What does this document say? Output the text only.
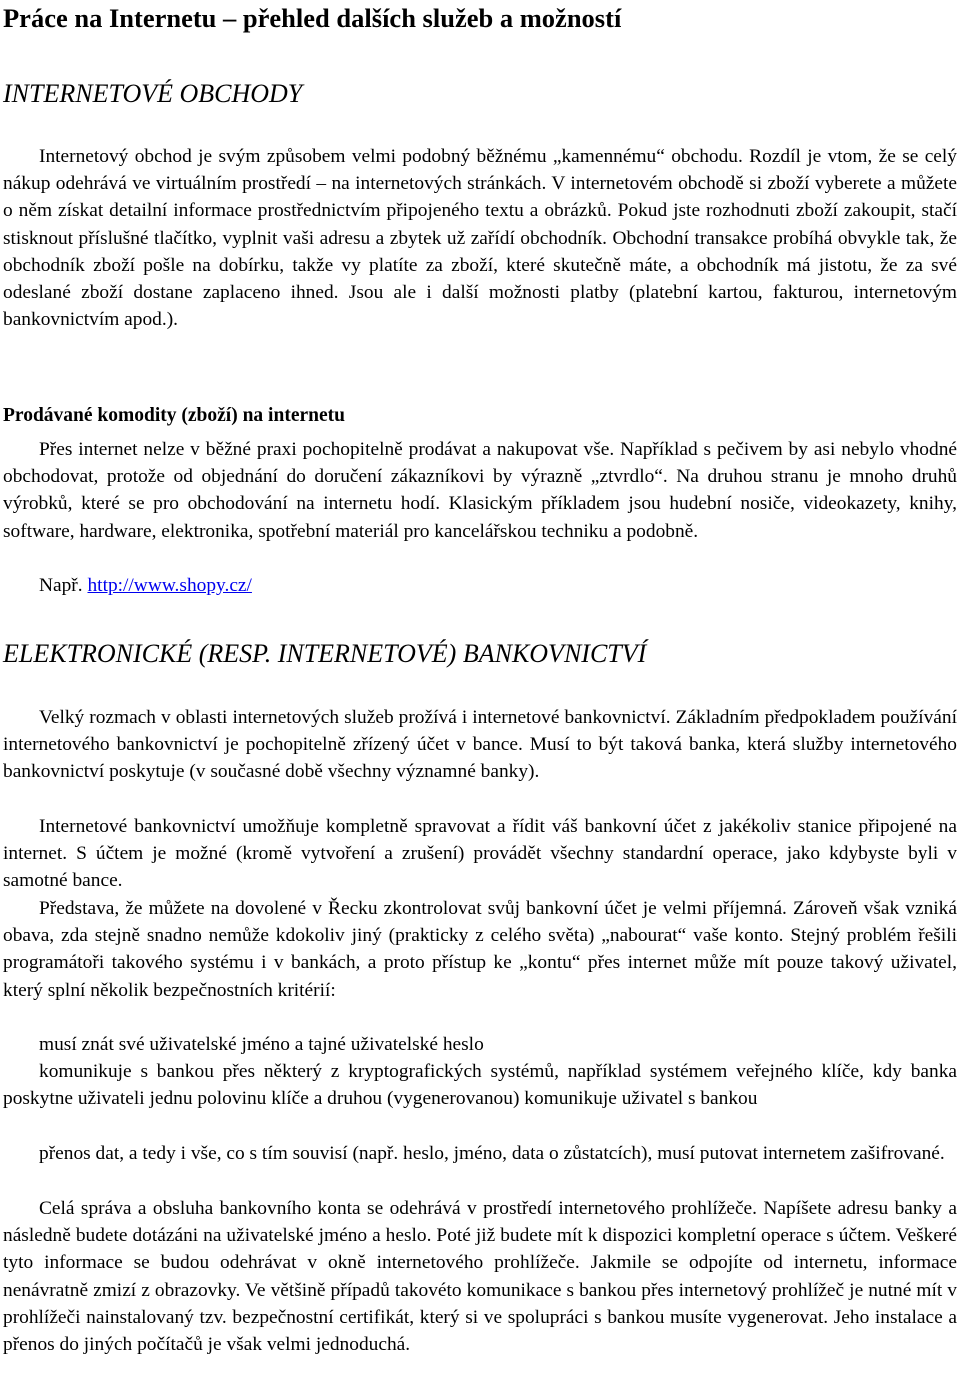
Práce na Internetu – přehled dalších služeb a možností
INTERNETOVÉ OBCHODY

Internetový obchod je svým způsobem velmi podobný běžnému „kamennému“ obchodu. Rozdíl je vtom, že se celý nákup odehrává ve virtuálním prostředí – na internetových stránkách. V internetovém obchodě si zboží vyberete a můžete o něm získat detailní informace prostřednictvím připojeného textu a obrázků. Pokud jste rozhodnuti zboží zakoupit, stačí stisknout příslušné tlačítko, vyplnit vaši adresu a zbytek už zařídí obchodník. Obchodní transakce probíhá obvykle tak, že obchodník zboží pošle na dobírku, takže vy platíte za zboží, které skutečně máte, a obchodník má jistotu, že za své odeslané zboží dostane zaplaceno ihned. Jsou ale i další možnosti platby (platební kartou, fakturou, internetovým bankovnictvím apod.).

Prodávané komodity (zboží) na internetu

Přes internet nelze v běžné praxi pochopitelně prodávat a nakupovat vše. Například s pečivem by asi nebylo vhodné obchodovat, protože od objednání do doručení zákazníkovi by výrazně „ztvrdlo“. Na druhou stranu je mnoho druhů výrobků, které se pro obchodování na internetu hodí. Klasickým příkladem jsou hudební nosiče, videokazety, knihy, software, hardware, elektronika, spotřební materiál pro kancelářskou techniku a podobně.

Např. http://www.shopy.cz/

ELEKTRONICKÉ (RESP. INTERNETOVÉ) BANKOVNICTVÍ

Velký rozmach v oblasti internetových služeb prožívá i internetové bankovnictví. Základním předpokladem používání internetového bankovnictví je pochopitelně zřízený účet v bance. Musí to být taková banka, která služby internetového bankovnictví poskytuje (v současné době všechny významné banky).

Internetové bankovnictví umožňuje kompletně spravovat a řídit váš bankovní účet z jakékoliv stanice připojené na internet. S účtem je možné (kromě vytvoření a zrušení) provádět všechny standardní operace, jako kdybyste byli v samotné bance.

Představa, že můžete na dovolené v Řecku zkontrolovat svůj bankovní účet je velmi příjemná. Zároveň však vzniká obava, zda stejně snadno nemůže kdokoliv jiný (prakticky z celého světa) „nabourat“ vaše konto. Stejný problém řešili programátoři takového systému i v bankách, a proto přístup ke „kontu“ přes internet může mít pouze takový uživatel, který splní několik bezpečnostních kritérií:

musí znát své uživatelské jméno a tajné uživatelské heslo

komunikuje s bankou přes některý z kryptografických systémů, například systémem veřejného klíče, kdy banka poskytne uživateli jednu polovinu klíče a druhou (vygenerovanou) komunikuje uživatel s bankou

přenos dat, a tedy i vše, co s tím souvisí (např. heslo, jméno, data o zůstatcích), musí putovat internetem zašifrované.

Celá správa a obsluha bankovního konta se odehrává v prostředí internetového prohlížeče. Napíšete adresu banky a následně budete dotázáni na uživatelské jméno a heslo. Poté již budete mít k dispozici kompletní operace s účtem. Veškeré tyto informace se budou odehrávat v okně internetového prohlížeče. Jakmile se odpojíte od internetu, informace nenávratně zmizí z obrazovky. Ve většině případů takovéto komunikace s bankou přes internetový prohlížeč je nutné mít v prohlížeči nainstalovaný tzv. bezpečnostní certifikát, který si ve spolupráci s bankou musíte vygenerovat. Jeho instalace a přenos do jiných počítačů je však velmi jednoduchá.
